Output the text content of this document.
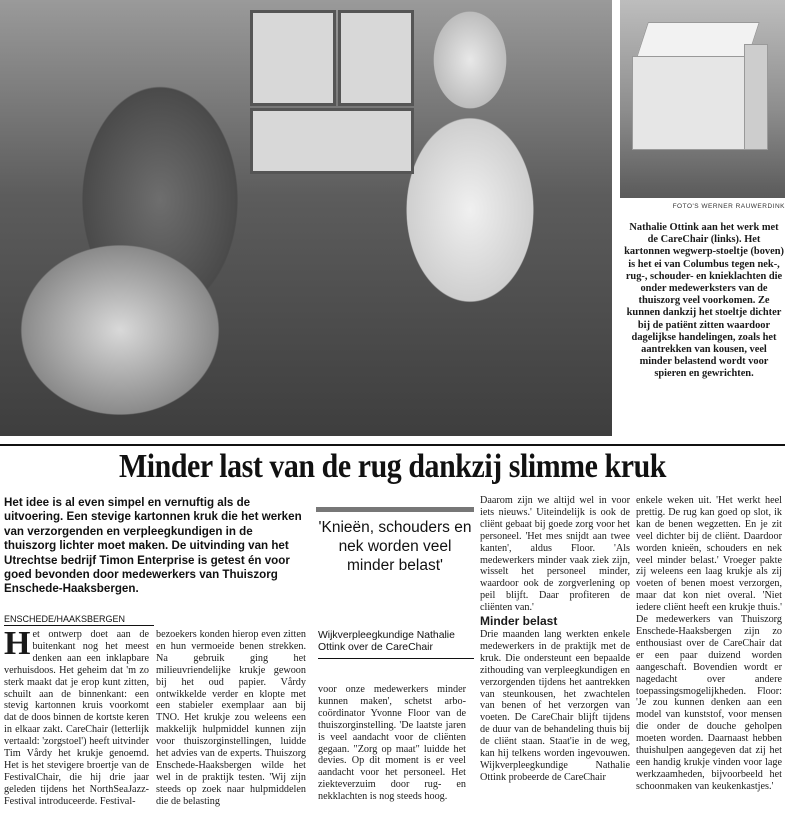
FOTO'S WERNER RAUWERDINK
Nathalie Ottink aan het werk met de CareChair (links). Het kartonnen wegwerp-stoeltje (boven) is het ei van Columbus tegen nek-, rug-, schouder- en knieklachten die onder medewerksters van de thuiszorg veel voorkomen. Ze kunnen dankzij het stoeltje dichter bij de patiënt zitten waardoor dagelijkse handelingen, zoals het aantrekken van kousen, veel minder belastend wordt voor spieren en gewrichten.
Minder last van de rug dankzij slimme kruk
Het idee is al even simpel en vernuftig als de uitvoering. Een stevige kartonnen kruk die het werken van verzorgenden en verpleegkundigen in de thuiszorg lichter moet maken. De uitvinding van het Utrechtse bedrijf Timon Enterprise is getest én voor goed bevonden door medewerkers van Thuiszorg Enschede-Haaksbergen.
ENSCHEDE/HAAKSBERGEN
H et ontwerp doet aan de buitenkant nog het meest denken aan een inklapbare verhuisdoos. Het geheim dat 'm zo sterk maakt dat je erop kunt zitten, schuilt aan de binnenkant: een stevig kartonnen kruis voorkomt dat de doos binnen de kortste keren in elkaar zakt. CareChair (letterlijk vertaald: 'zorgstoel') heeft uitvinder Tim Vårdy het krukje genoemd. Het is het stevigere broertje van de FestivalChair, die hij drie jaar geleden tijdens het NorthSeaJazz-Festival introduceerde. Festival-

bezoekers konden hierop even zitten en hun vermoeide benen strekken. Na gebruik ging het milieuvriendelijke krukje gewoon bij het oud papier. Vårdy ontwikkelde verder en klopte met een stabieler exemplaar aan bij TNO. Het krukje zou weleens een makkelijk hulpmiddel kunnen zijn voor thuiszorginstellingen, luidde het advies van de experts. Thuiszorg Enschede-Haaksbergen wilde het wel in de praktijk testen. 'Wij zijn steeds op zoek naar hulpmiddelen die de belasting

'Knieën, schouders en nek worden veel minder belast'
Wijkverpleegkundige Nathalie Ottink over de CareChair

voor onze medewerkers minder kunnen maken', schetst arbo-coördinator Yvonne Floor van de thuiszorginstelling. 'De laatste jaren is veel aandacht voor de cliënten gegaan. "Zorg op maat" luidde het devies. Op dit moment is er veel aandacht voor het personeel. Het ziekteverzuim door rug- en nekklachten is nog steeds hoog.

Daarom zijn we altijd wel in voor iets nieuws.' Uiteindelijk is ook de cliënt gebaat bij goede zorg voor het personeel. 'Het mes snijdt aan twee kanten', aldus Floor. 'Als medewerkers minder vaak ziek zijn, wisselt het personeel minder, waardoor ook de zorgverlening op peil blijft. Daar profiteren de cliënten van.'

Minder belast

Drie maanden lang werkten enkele medewerkers in de praktijk met de kruk. Die ondersteunt een bepaalde zithouding van verpleegkundigen en verzorgenden tijdens het aantrekken van steunkousen, het zwachtelen van benen of het verzorgen van voeten. De CareChair blijft tijdens de duur van de behandeling thuis bij de cliënt staan. Staat'ie in de weg, kan hij telkens worden ingevouwen. Wijkverpleegkundige Nathalie Ottink probeerde de CareChair

enkele weken uit. 'Het werkt heel prettig. De rug kan goed op slot, ik kan de benen wegzetten. En je zit veel dichter bij de cliënt. Daardoor worden knieën, schouders en nek veel minder belast.' Vroeger pakte zij weleens een laag krukje als zij voeten of benen moest verzorgen, maar dat kon niet overal. 'Niet iedere cliënt heeft een krukje thuis.' De medewerkers van Thuiszorg Enschede-Haaksbergen zijn zo enthousiast over de CareChair dat er een paar duizend worden aangeschaft. Bovendien wordt er nagedacht over andere toepassingsmogelijkheden. Floor: 'Je zou kunnen denken aan een model van kunststof, voor mensen die onder de douche geholpen moeten worden. Daarnaast hebben thuishulpen aangegeven dat zij het een handig krukje vinden voor lage werkzaamheden, bijvoorbeeld het schoonmaken van keukenkastjes.'
